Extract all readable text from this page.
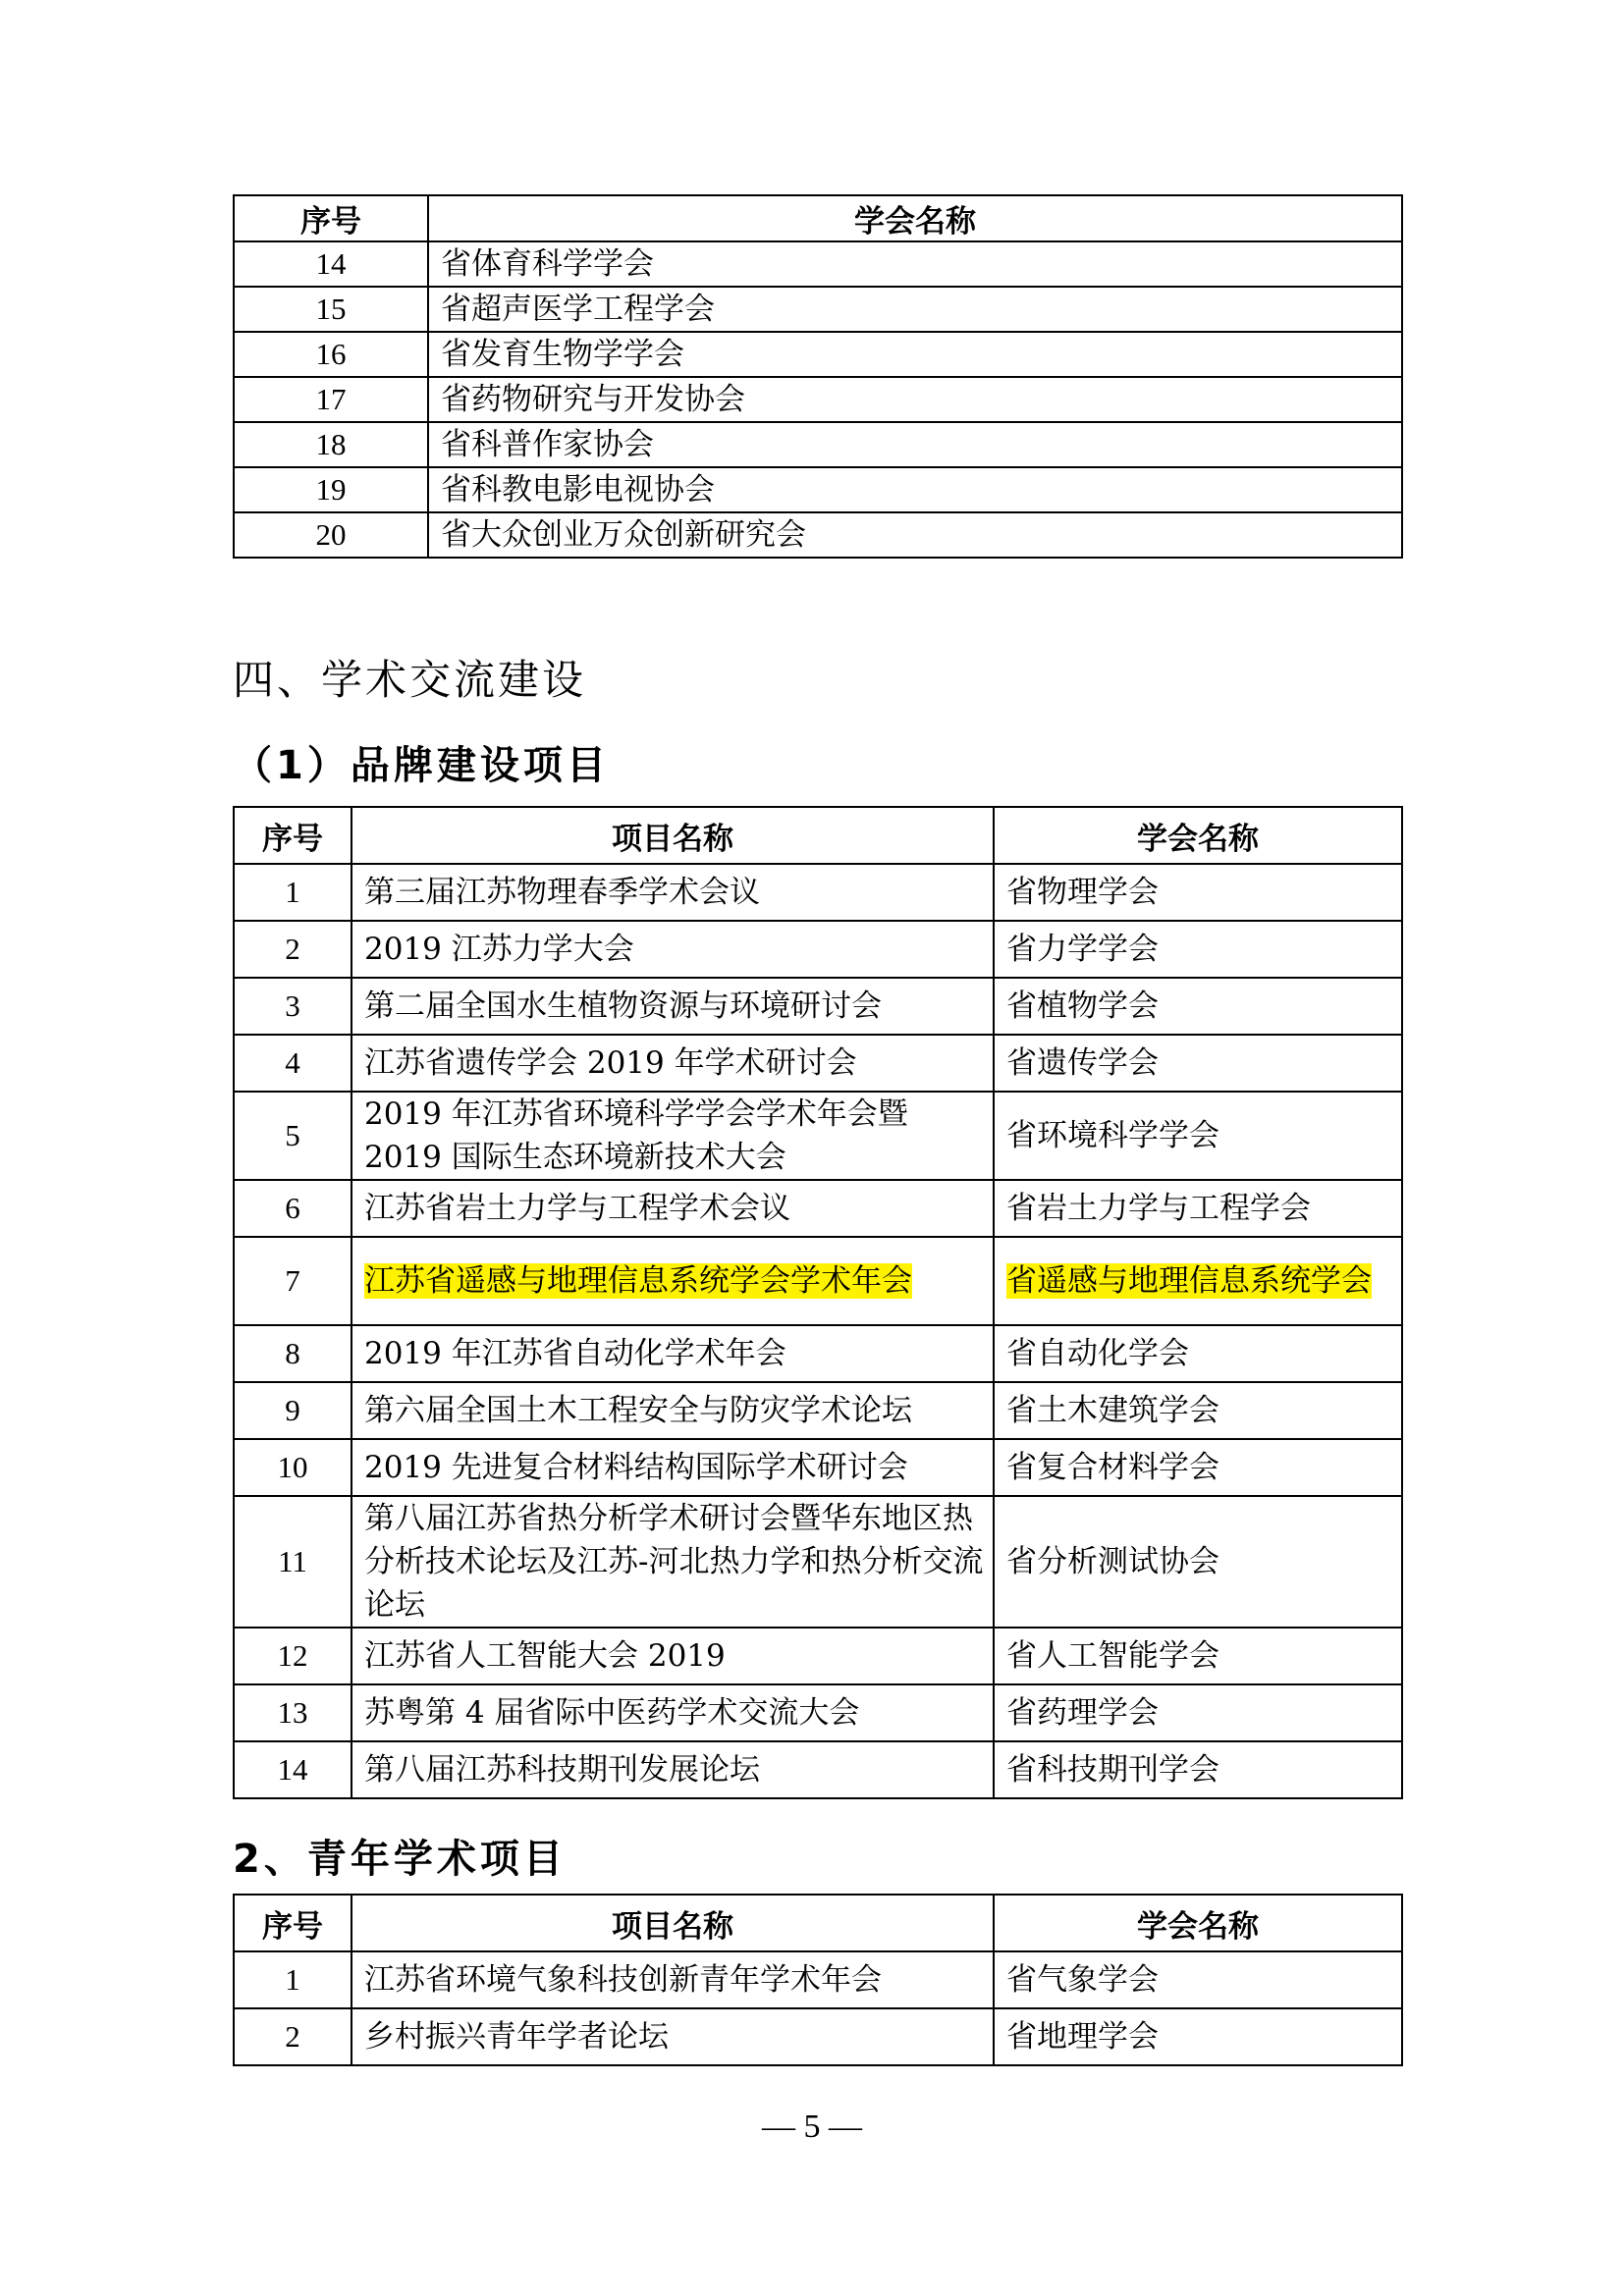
序号	学会名称
14	省体育科学学会
15	省超声医学工程学会
16	省发育生物学学会
17	省药物研究与开发协会
18	省科普作家协会
19	省科教电影电视协会
20	省大众创业万众创新研究会
四、学术交流建设
（1）品牌建设项目
序号	项目名称	学会名称
1	第三届江苏物理春季学术会议	省物理学会
2	2019 江苏力学大会	省力学学会
3	第二届全国水生植物资源与环境研讨会	省植物学会
4	江苏省遗传学会 2019 年学术研讨会	省遗传学会
5	2019 年江苏省环境科学学会学术年会暨 2019 国际生态环境新技术大会	省环境科学学会
6	江苏省岩土力学与工程学术会议	省岩土力学与工程学会
7	江苏省遥感与地理信息系统学会学术年会	省遥感与地理信息系统学会
8	2019 年江苏省自动化学术年会	省自动化学会
9	第六届全国土木工程安全与防灾学术论坛	省土木建筑学会
10	2019 先进复合材料结构国际学术研讨会	省复合材料学会
11	第八届江苏省热分析学术研讨会暨华东地区热分析技术论坛及江苏-河北热力学和热分析交流论坛	省分析测试协会
12	江苏省人工智能大会 2019	省人工智能学会
13	苏粤第 4 届省际中医药学术交流大会	省药理学会
14	第八届江苏科技期刊发展论坛	省科技期刊学会
2、青年学术项目
序号	项目名称	学会名称
1	江苏省环境气象科技创新青年学术年会	省气象学会
2	乡村振兴青年学者论坛	省地理学会
— 5 —
